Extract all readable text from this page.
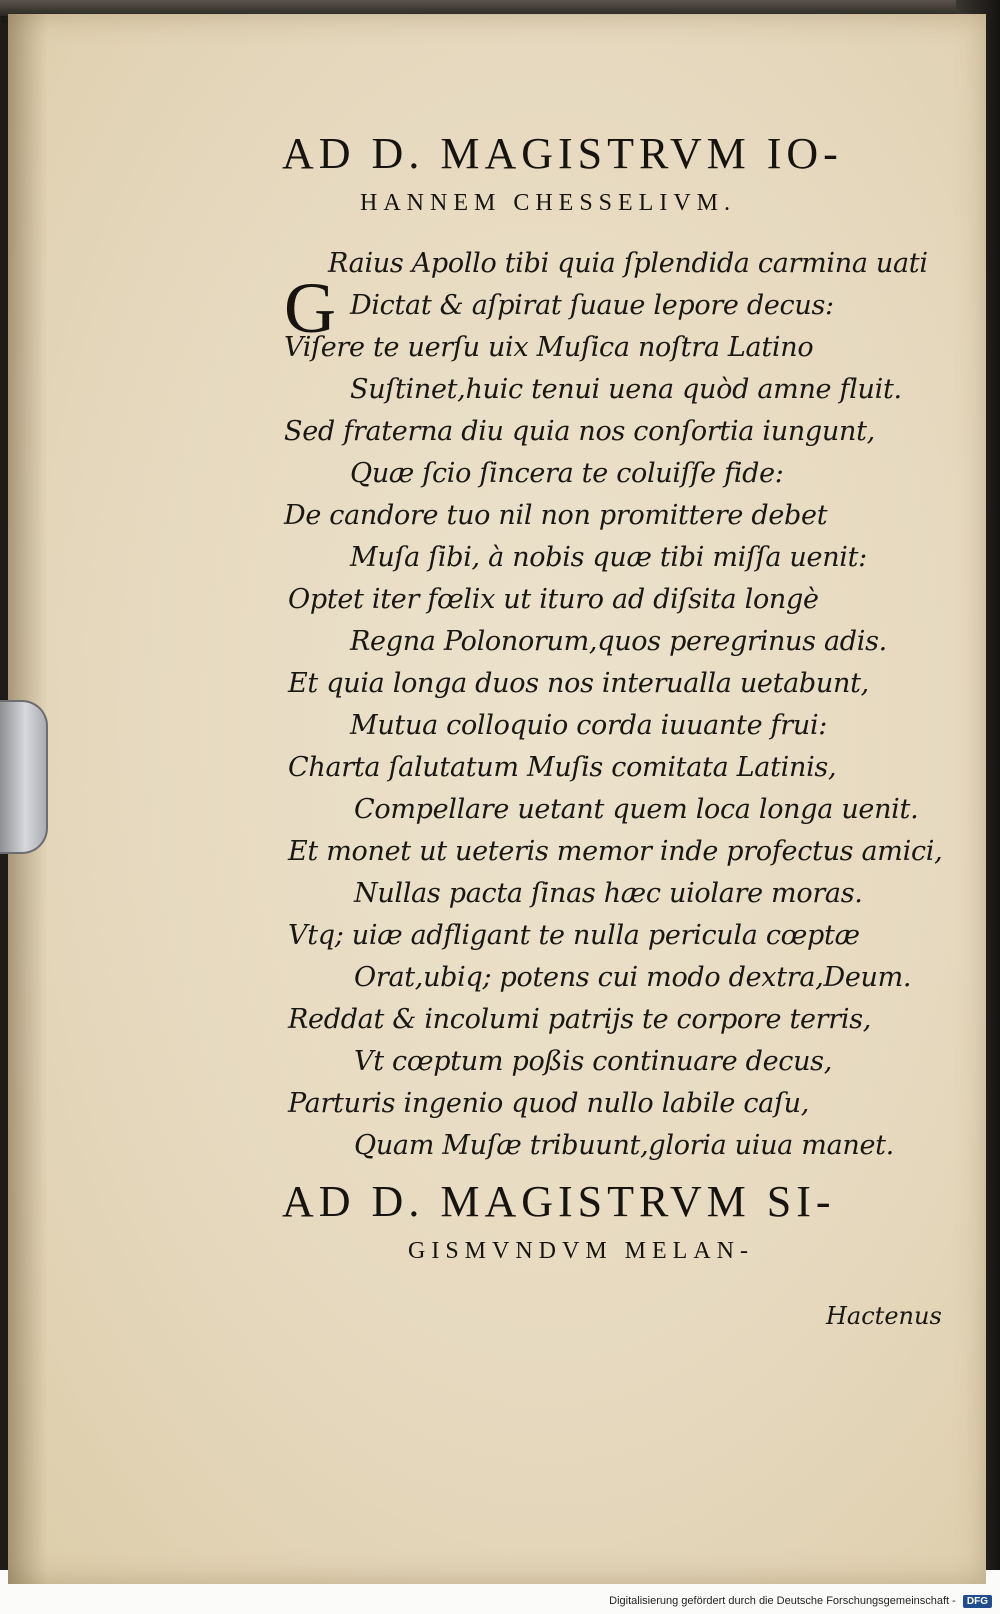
AD D. MAGISTRVM IO-
HANNEM CHESSELIVM.
G
Raius Apollo tibi quia ſplendida carmina uati
Dictat & aſpirat ſuaue lepore decus:
Viſere te uerſu uix Muſica noſtra Latino
Suſtinet,huic tenui uena quòd amne fluit.
Sed fraterna diu quia nos conſortia iungunt,
Quæ ſcio ſincera te coluiſſe fide:
De candore tuo nil non promittere debet
Muſa ſibi, à nobis quæ tibi miſſa uenit:
Optet iter fœlix ut ituro ad diſsita longè
Regna Polonorum,quos peregrinus adis.
Et quia longa duos nos interualla uetabunt,
Mutua colloquio corda iuuante frui:
Charta ſalutatum Muſis comitata Latinis,
Compellare uetant quem loca longa uenit.
Et monet ut ueteris memor inde profectus amici,
Nullas pacta ſinas hæc uiolare moras.
Vtq; uiæ adfligant te nulla pericula cœptæ
Orat,ubiq; potens cui modo dextra,Deum.
Reddat & incolumi patrijs te corpore terris,
Vt cœptum poßis continuare decus,
Parturis ingenio quod nullo labile caſu,
Quam Muſæ tribuunt,gloria uiua manet.
AD D. MAGISTRVM SI-
GISMVNDVM MELAN-
Hactenus
Digitalisierung gefördert durch die Deutsche Forschungsgemeinschaft - DFG
